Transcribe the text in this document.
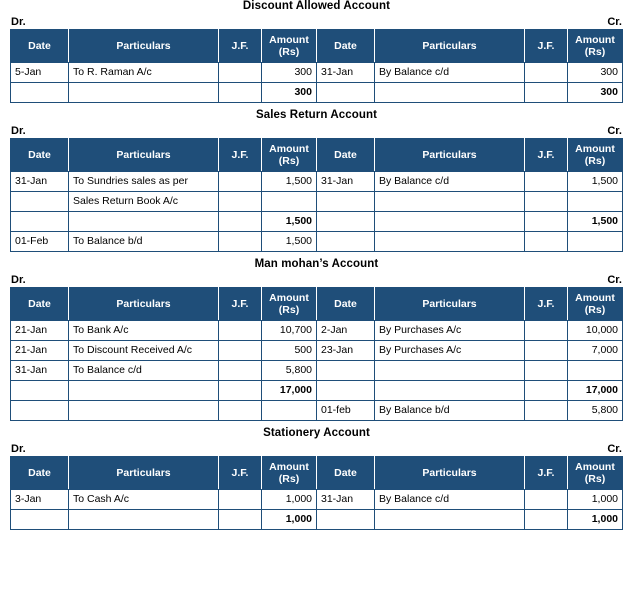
Discount Allowed Account
Dr.	Cr.
Date	Particulars	J.F.	Amount
(Rs)	Date	Particulars	J.F.	Amount
(Rs)

5-Jan	To R. Raman A/c		300	31-Jan	By Balance c/d		300

			300				300
Sales Return Account
Dr.	Cr.
Date	Particulars	J.F.	Amount
(Rs)	Date	Particulars	J.F.	Amount
(Rs)

31-Jan	To Sundries sales as per		1,500	31-Jan	By Balance c/d		1,500

	Sales Return Book A/c						

			1,500				1,500

01-Feb	To Balance b/d		1,500				

Man mohan’s Account
Dr.	Cr.
Date	Particulars	J.F.	Amount
(Rs)	Date	Particulars	J.F.	Amount
(Rs)

21-Jan	To Bank A/c		10,700	2-Jan	By Purchases A/c		10,000

21-Jan	To Discount Received A/c		500	23-Jan	By Purchases A/c		7,000

31-Jan	To Balance c/d		5,800				

			17,000				17,000

				01-feb	By Balance b/d		5,800
Stationery Account
Dr.	Cr.
Date	Particulars	J.F.	Amount
(Rs)	Date	Particulars	J.F.	Amount
(Rs)

3-Jan	To Cash A/c		1,000	31-Jan	By Balance c/d		1,000

			1,000				1,000
